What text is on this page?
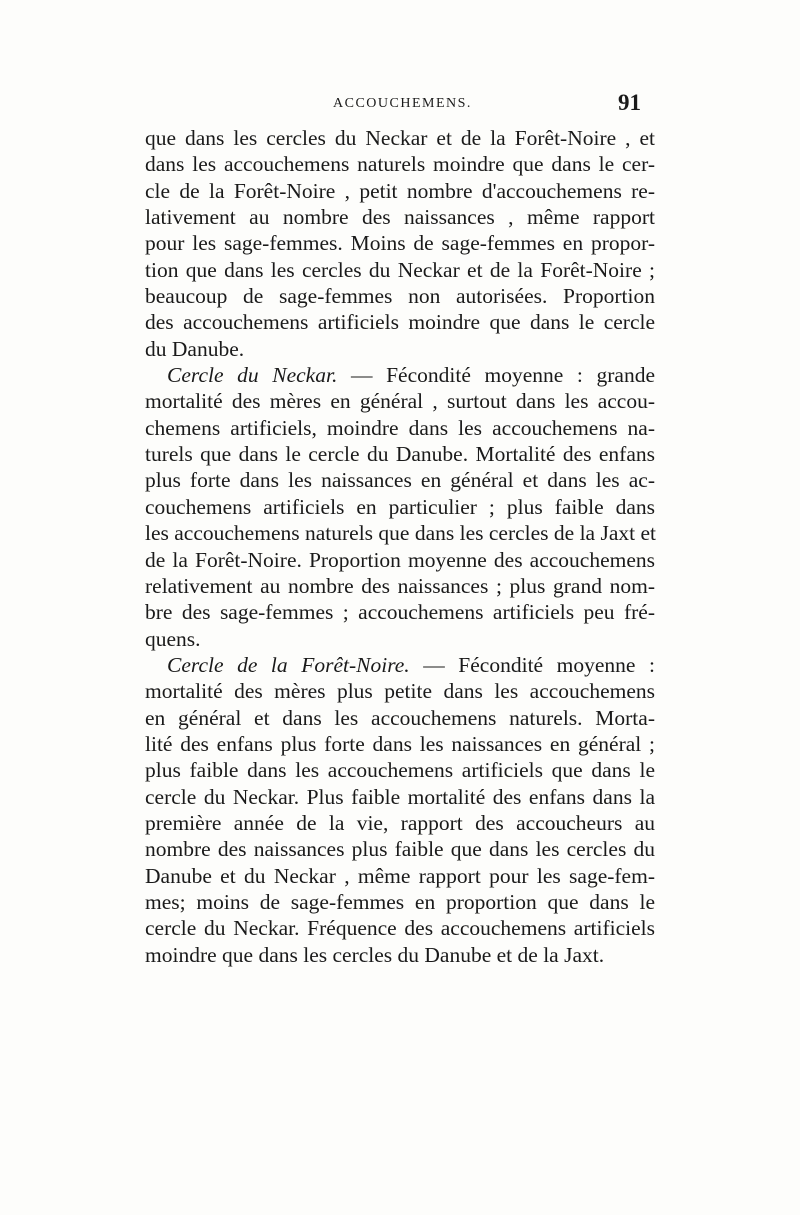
ACCOUCHEMENS.	91
que dans les cercles du Neckar et de la Forêt-Noire , et
dans les accouchemens naturels moindre que dans le cer-
cle de la Forêt-Noire , petit nombre d'accouchemens re-
lativement au nombre des naissances , même rapport
pour les sage-femmes. Moins de sage-femmes en propor-
tion que dans les cercles du Neckar et de la Forêt-Noire ;
beaucoup de sage-femmes non autorisées. Proportion
des accouchemens artificiels moindre que dans le cercle
du Danube.
Cercle du Neckar. — Fécondité moyenne : grande
mortalité des mères en général , surtout dans les accou-
chemens artificiels, moindre dans les accouchemens na-
turels que dans le cercle du Danube. Mortalité des enfans
plus forte dans les naissances en général et dans les ac-
couchemens artificiels en particulier ; plus faible dans
les accouchemens naturels que dans les cercles de la Jaxt et
de la Forêt-Noire. Proportion moyenne des accouchemens
relativement au nombre des naissances ; plus grand nom-
bre des sage-femmes ; accouchemens artificiels peu fré-
quens.
Cercle de la Forêt-Noire. — Fécondité moyenne :
mortalité des mères plus petite dans les accouchemens
en général et dans les accouchemens naturels. Morta-
lité des enfans plus forte dans les naissances en général ;
plus faible dans les accouchemens artificiels que dans le
cercle du Neckar. Plus faible mortalité des enfans dans la
première année de la vie, rapport des accoucheurs au
nombre des naissances plus faible que dans les cercles du
Danube et du Neckar , même rapport pour les sage-fem-
mes; moins de sage-femmes en proportion que dans le
cercle du Neckar. Fréquence des accouchemens artificiels
moindre que dans les cercles du Danube et de la Jaxt.
